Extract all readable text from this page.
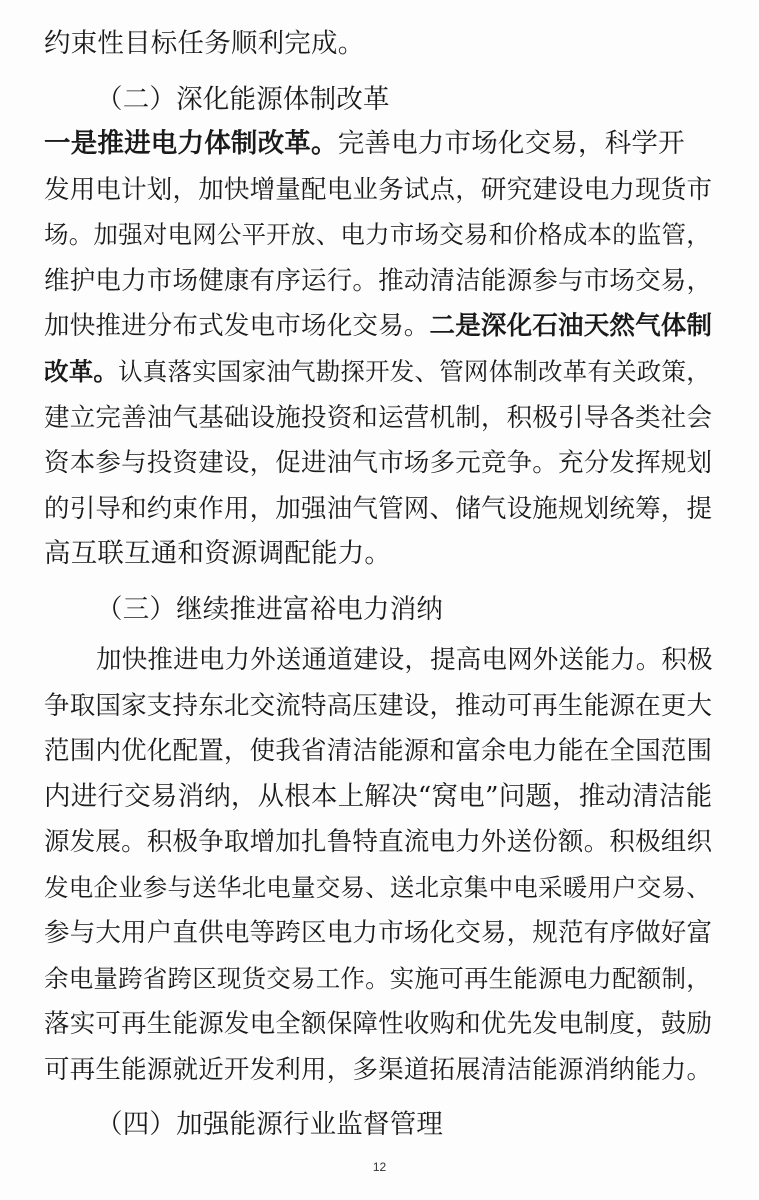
约束性目标任务顺利完成。
（二）深化能源体制改革
一是推进电力体制改革。完善电力市场化交易，科学开
发用电计划，加快增量配电业务试点，研究建设电力现货市
场。加强对电网公平开放、电力市场交易和价格成本的监管，
维护电力市场健康有序运行。推动清洁能源参与市场交易，
加快推进分布式发电市场化交易。二是深化石油天然气体制
改革。认真落实国家油气勘探开发、管网体制改革有关政策，
建立完善油气基础设施投资和运营机制，积极引导各类社会
资本参与投资建设，促进油气市场多元竞争。充分发挥规划
的引导和约束作用，加强油气管网、储气设施规划统筹，提
高互联互通和资源调配能力。
（三）继续推进富裕电力消纳
加快推进电力外送通道建设，提高电网外送能力。积极
争取国家支持东北交流特高压建设，推动可再生能源在更大
范围内优化配置，使我省清洁能源和富余电力能在全国范围
内进行交易消纳，从根本上解决“窝电”问题，推动清洁能
源发展。积极争取增加扎鲁特直流电力外送份额。积极组织
发电企业参与送华北电量交易、送北京集中电采暖用户交易、
参与大用户直供电等跨区电力市场化交易，规范有序做好富
余电量跨省跨区现货交易工作。实施可再生能源电力配额制，
落实可再生能源发电全额保障性收购和优先发电制度，鼓励
可再生能源就近开发利用，多渠道拓展清洁能源消纳能力。
（四）加强能源行业监督管理
12
